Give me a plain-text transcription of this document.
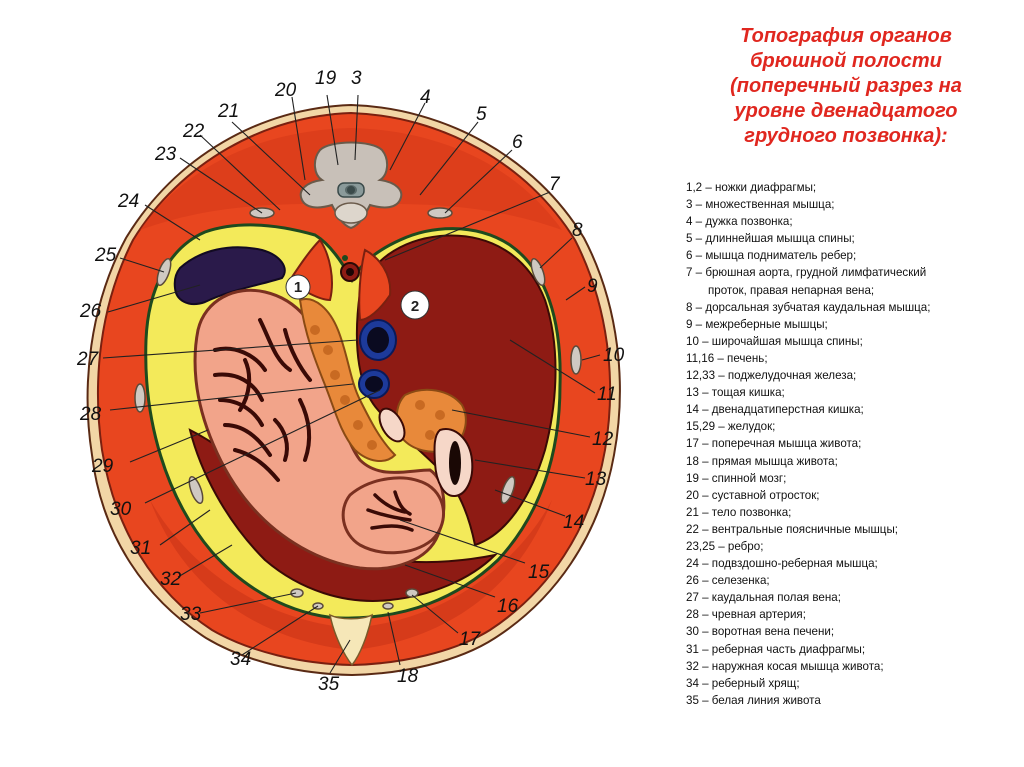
Топография органов
брюшной полости
(поперечный разрез на
уровне двенадцатого
грудного позвонка):
1,2 – ножки диафрагмы;
3 – множественная мышца;
4 – дужка позвонка;
5 – длиннейшая мышца спины;
6 – мышца подниматель ребер;
7 – брюшная аорта, грудной лимфатический
проток, правая непарная вена;
8 – дорсальная зубчатая каудальная мышца;
9 – межреберные мышцы;
10 – широчайшая мышца спины;
11,16 – печень;
12,33 – поджелудочная железа;
13 – тощая кишка;
14 – двенадцатиперстная кишка;
15,29 – желудок;
17 – поперечная мышца живота;
18 – прямая мышца живота;
19 – спинной мозг;
20 – суставной отросток;
21 – тело позвонка;
22 – вентральные поясничные мышцы;
23,25 – ребро;
24 – подвздошно-реберная мышца;
26 – селезенка;
27 – каудальная полая вена;
28 – чревная артерия;
30 – воротная вена печени;
31 – реберная часть диафрагмы;
32 – наружная косая мышца живота;
34 – реберный хрящ;
35 – белая линия живота
1
2
3
4
5
6
7
8
9
10
11
12
13
14
15
16
17
18
19
20
21
22
23
24
25
26
27
28
29
30
31
32
33
34
35
